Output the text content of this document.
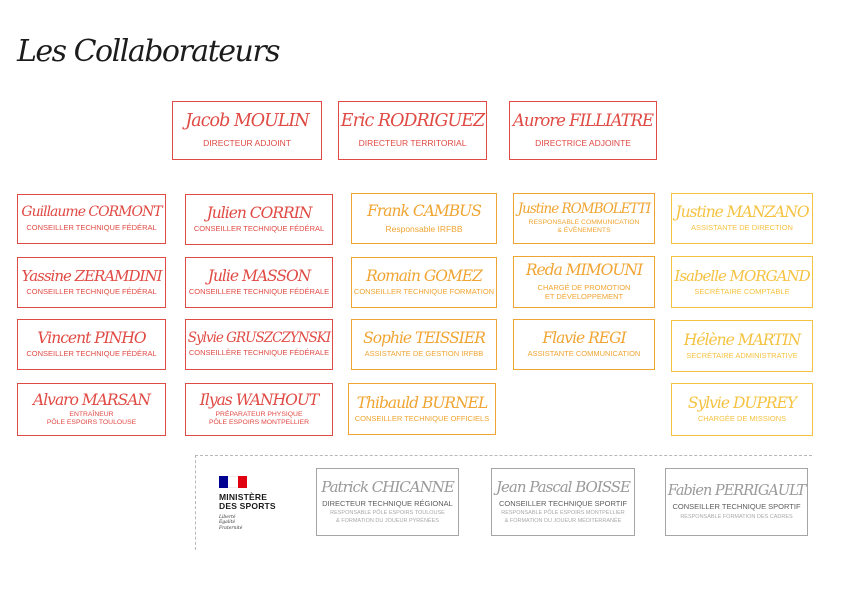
Les Collaborateurs
Jacob MOULIN
DIRECTEUR ADJOINT
Eric RODRIGUEZ
DIRECTEUR TERRITORIAL
Aurore FILLIATRE
DIRECTRICE ADJOINTE
Guillaume CORMONT
CONSEILLER TECHNIQUE FÉDÉRAL
Yassine ZERAMDINI
CONSEILLER TECHNIQUE FÉDÉRAL
Vincent PINHO
CONSEILLER TECHNIQUE FÉDÉRAL
Alvaro MARSAN
ENTRAÎNEUR
PÔLE ESPOIRS TOULOUSE
Julien CORRIN
CONSEILLER TECHNIQUE FÉDÉRAL
Julie MASSON
CONSEILLERE TECHNIQUE FÉDÉRALE
Sylvie GRUSZCZYNSKI
CONSEILLÈRE TECHNIQUE FÉDÉRALE
Ilyas WANHOUT
PRÉPARATEUR PHYSIQUE
PÔLE ESPOIRS MONTPELLIER
Frank CAMBUS
Responsable IRFBB
Romain GOMEZ
CONSEILLER TECHNIQUE FORMATION
Sophie TEISSIER
ASSISTANTE DE GESTION IRFBB
Thibauld BURNEL
CONSEILLER TECHNIQUE OFFICIELS
Justine ROMBOLETTI
RESPONSABLE COMMUNICATION
& ÉVÈNEMENTS
Reda MIMOUNI
CHARGÉ DE PROMOTION
ET DÉVELOPPEMENT
Flavie REGI
ASSISTANTE COMMUNICATION
Justine MANZANO
ASSISTANTE DE DIRECTION
Isabelle MORGAND
SECRÉTAIRE COMPTABLE
Hélène MARTIN
SECRÉTAIRE ADMINISTRATIVE
Sylvie DUPREY
CHARGÉE DE MISSIONS
MINISTÈRE
DES SPORTS
Liberté
Égalité
Fraternité
Patrick CHICANNE
DIRECTEUR TECHNIQUE RÉGIONAL
RESPONSABLE PÔLE ESPOIRS TOULOUSE
& FORMATION DU JOUEUR PYRÉNÉES
Jean Pascal BOISSE
CONSEILLER TECHNIQUE SPORTIF
RESPONSABLE PÔLE ESPOIRS MONTPELLIER
& FORMATION DU JOUEUR MÉDITERRANÉE
Fabien PERRIGAULT
CONSEILLER TECHNIQUE SPORTIF
RESPONSABLE FORMATION DES CADRES
